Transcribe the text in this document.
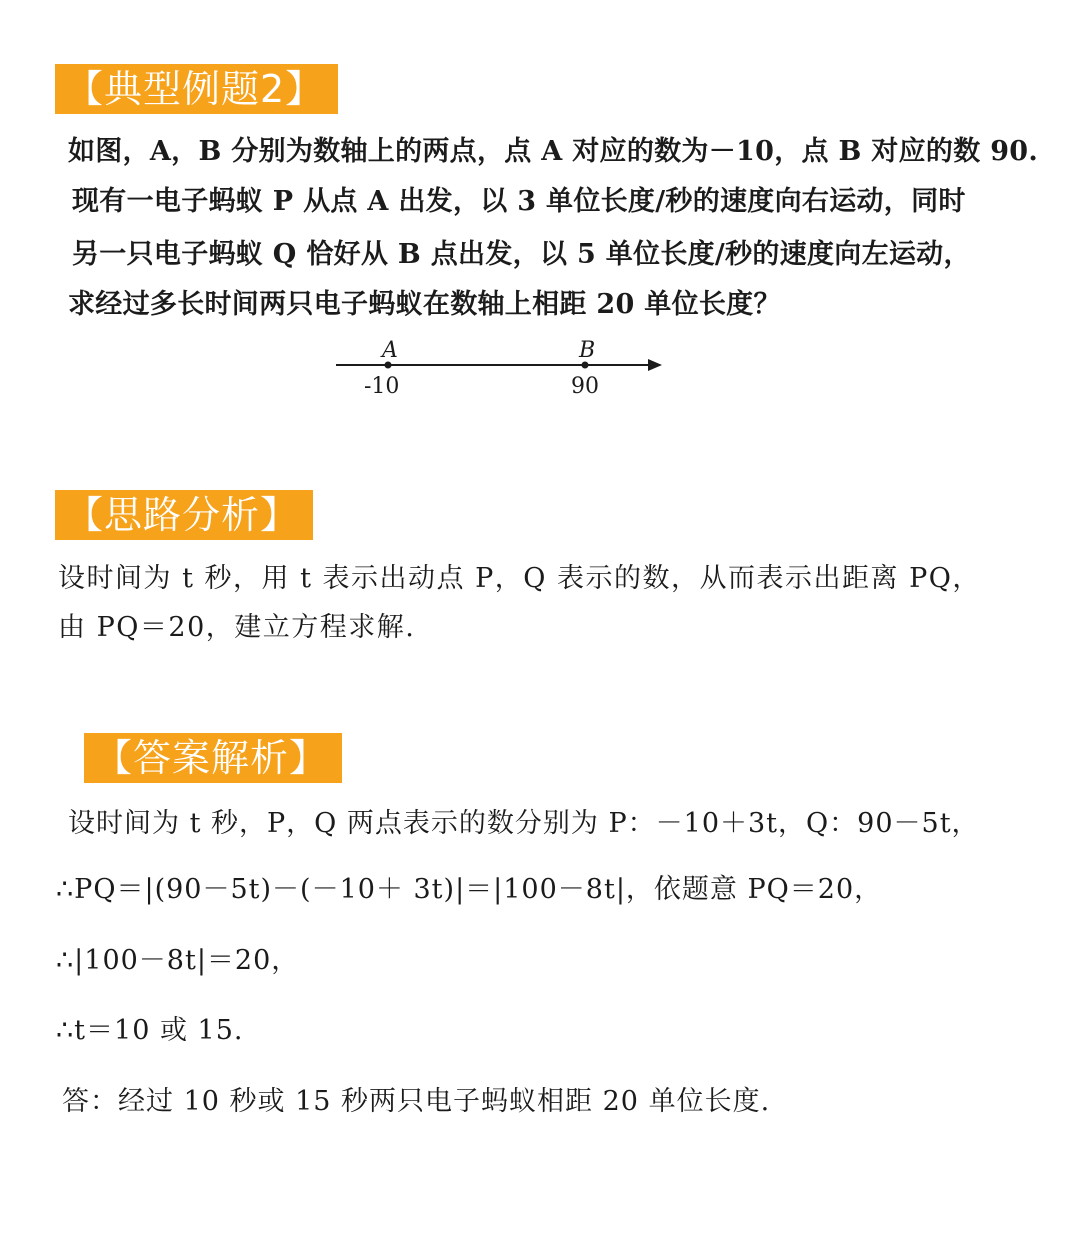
【典型例题2】
如图，A，B 分别为数轴上的两点，点 A 对应的数为－10，点 B 对应的数 90.
现有一电子蚂蚁 P 从点 A 出发，以 3 单位长度/秒的速度向右运动，同时
另一只电子蚂蚁 Q 恰好从 B 点出发，以 5 单位长度/秒的速度向左运动，
求经过多长时间两只电子蚂蚁在数轴上相距 20 单位长度？
A	B
-10	90
【思路分析】
设时间为 t 秒，用 t 表示出动点 P，Q 表示的数，从而表示出距离 PQ，
由 PQ＝20，建立方程求解.
【答案解析】
设时间为 t 秒，P，Q 两点表示的数分别为 P：－10＋3t，Q：90－5t，
∴PQ＝|(90－5t)－(－10＋ 3t)|＝|100－8t|，依题意 PQ＝20，
∴|100－8t|＝20，
∴t＝10 或 15.
答：经过 10 秒或 15 秒两只电子蚂蚁相距 20 单位长度.
